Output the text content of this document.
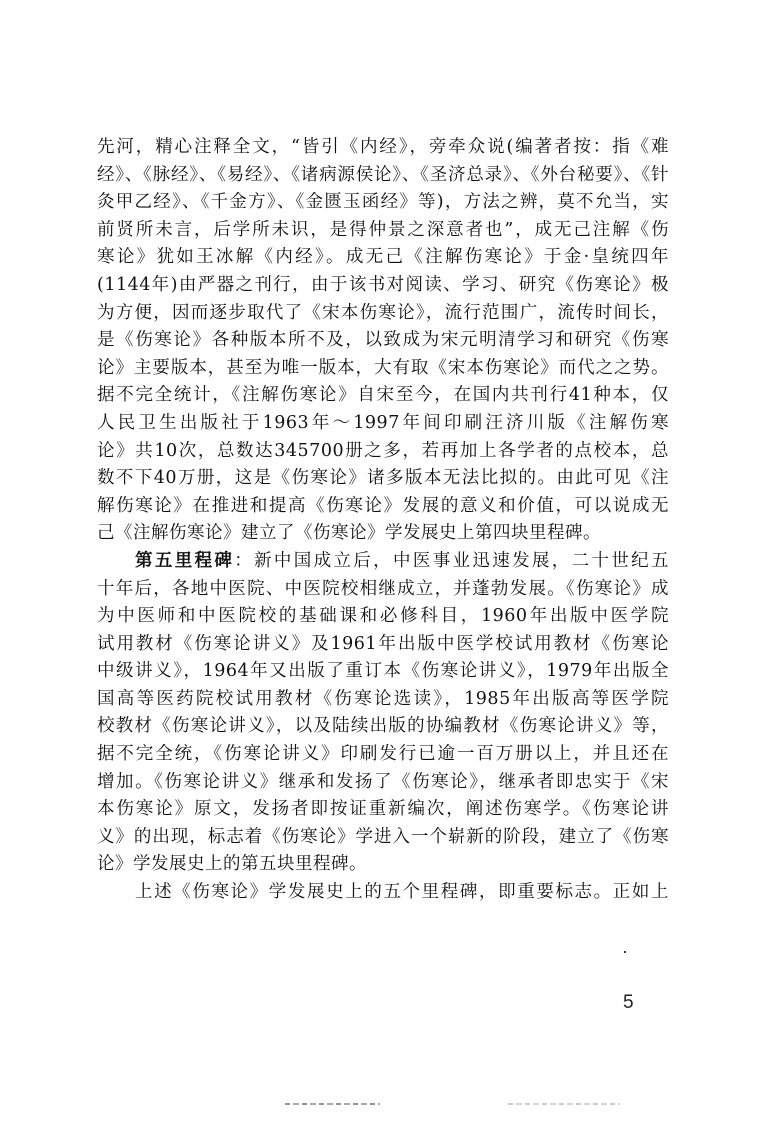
先河，精心注释全文，“皆引《内经》，旁牵众说(编著者按：指《难
经》、《脉经》、《易经》、《诸病源侯论》、《圣济总录》、《外台秘要》、《针
灸甲乙经》、《千金方》、《金匮玉函经》等)，方法之辨，莫不允当，实
前贤所未言，后学所未识，是得仲景之深意者也”，成无己注解《伤
寒论》犹如王冰解《内经》。成无己《注解伤寒论》于金·皇统四年
(1144年)由严器之刊行，由于该书对阅读、学习、研究《伤寒论》极
为方便，因而逐步取代了《宋本伤寒论》，流行范围广，流传时间长，
是《伤寒论》各种版本所不及，以致成为宋元明清学习和研究《伤寒
论》主要版本，甚至为唯一版本，大有取《宋本伤寒论》而代之之势。
据不完全统计，《注解伤寒论》自宋至今，在国内共刊行41种本，仅
人民卫生出版社于1963年～1997年间印刷汪济川版《注解伤寒
论》共10次，总数达345700册之多，若再加上各学者的点校本，总
数不下40万册，这是《伤寒论》诸多版本无法比拟的。由此可见《注
解伤寒论》在推进和提高《伤寒论》发展的意义和价值，可以说成无
己《注解伤寒论》建立了《伤寒论》学发展史上第四块里程碑。
第五里程碑：新中国成立后，中医事业迅速发展，二十世纪五
十年后，各地中医院、中医院校相继成立，并蓬勃发展。《伤寒论》成
为中医师和中医院校的基础课和必修科目，1960年出版中医学院
试用教材《伤寒论讲义》及1961年出版中医学校试用教材《伤寒论
中级讲义》，1964年又出版了重订本《伤寒论讲义》，1979年出版全
国高等医药院校试用教材《伤寒论选读》，1985年出版高等医学院
校教材《伤寒论讲义》，以及陆续出版的协编教材《伤寒论讲义》等，
据不完全统，《伤寒论讲义》印刷发行已逾一百万册以上，并且还在
增加。《伤寒论讲义》继承和发扬了《伤寒论》，继承者即忠实于《宋
本伤寒论》原文，发扬者即按证重新编次，阐述伤寒学。《伤寒论讲
义》的出现，标志着《伤寒论》学进入一个崭新的阶段，建立了《伤寒
论》学发展史上的第五块里程碑。
上述《伤寒论》学发展史上的五个里程碑，即重要标志。正如上
5
